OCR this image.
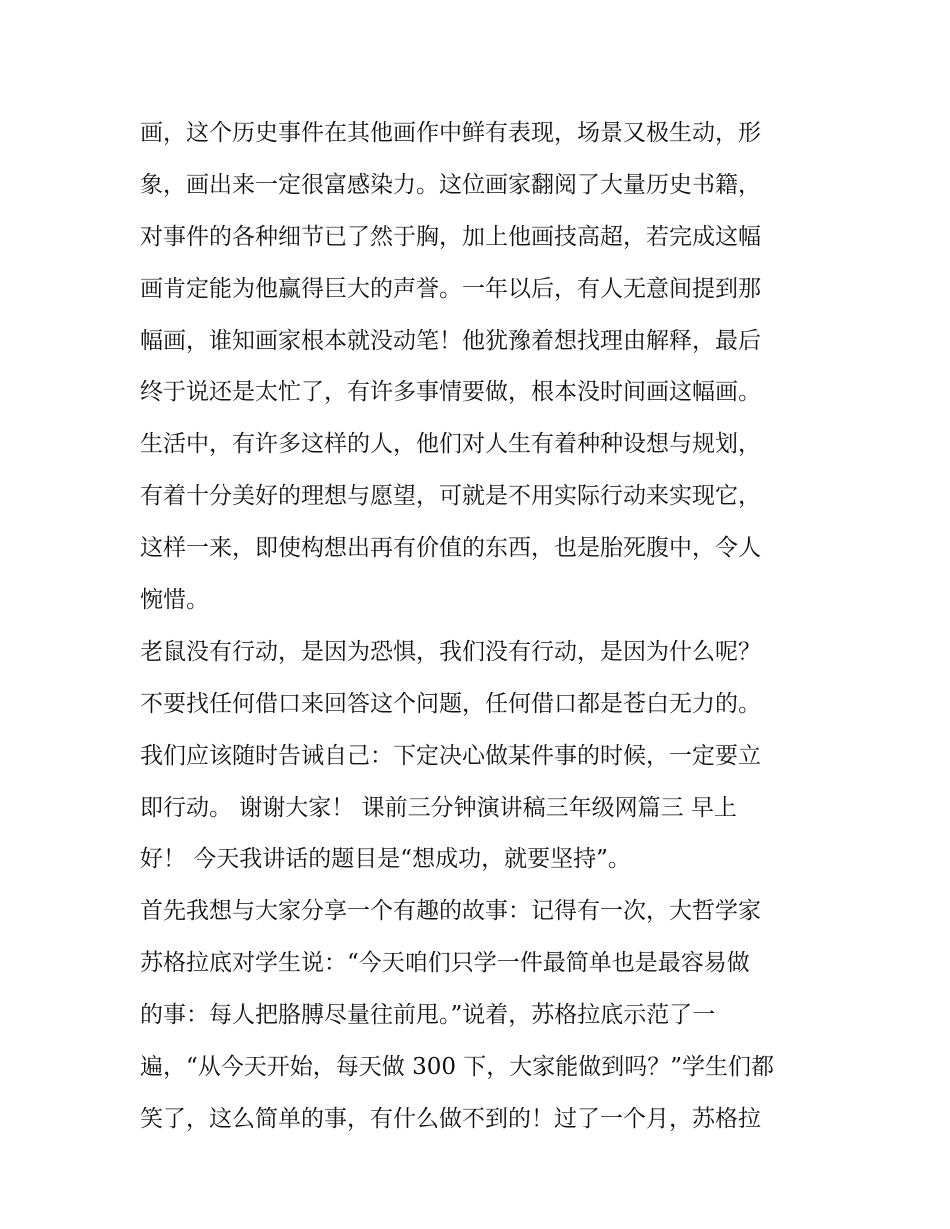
画，这个历史事件在其他画作中鲜有表现，场景又极生动，形
象，画出来一定很富感染力。这位画家翻阅了大量历史书籍，
对事件的各种细节已了然于胸，加上他画技高超，若完成这幅
画肯定能为他赢得巨大的声誉。一年以后，有人无意间提到那
幅画，谁知画家根本就没动笔！他犹豫着想找理由解释，最后
终于说还是太忙了，有许多事情要做，根本没时间画这幅画。
生活中，有许多这样的人，他们对人生有着种种设想与规划，
有着十分美好的理想与愿望，可就是不用实际行动来实现它，
这样一来，即使构想出再有价值的东西，也是胎死腹中，令人
惋惜。
老鼠没有行动，是因为恐惧，我们没有行动，是因为什么呢？
不要找任何借口来回答这个问题，任何借口都是苍白无力的。
我们应该随时告诫自己：下定决心做某件事的时候，一定要立
即行动。 谢谢大家！ 课前三分钟演讲稿三年级网篇三 早上
好！ 今天我讲话的题目是“想成功，就要坚持”。
首先我想与大家分享一个有趣的故事：记得有一次，大哲学家
苏格拉底对学生说：“今天咱们只学一件最简单也是最容易做
的事：每人把胳膊尽量往前甩。”说着，苏格拉底示范了一
遍，“从今天开始，每天做 300 下，大家能做到吗？”学生们都
笑了，这么简单的事，有什么做不到的！过了一个月，苏格拉
